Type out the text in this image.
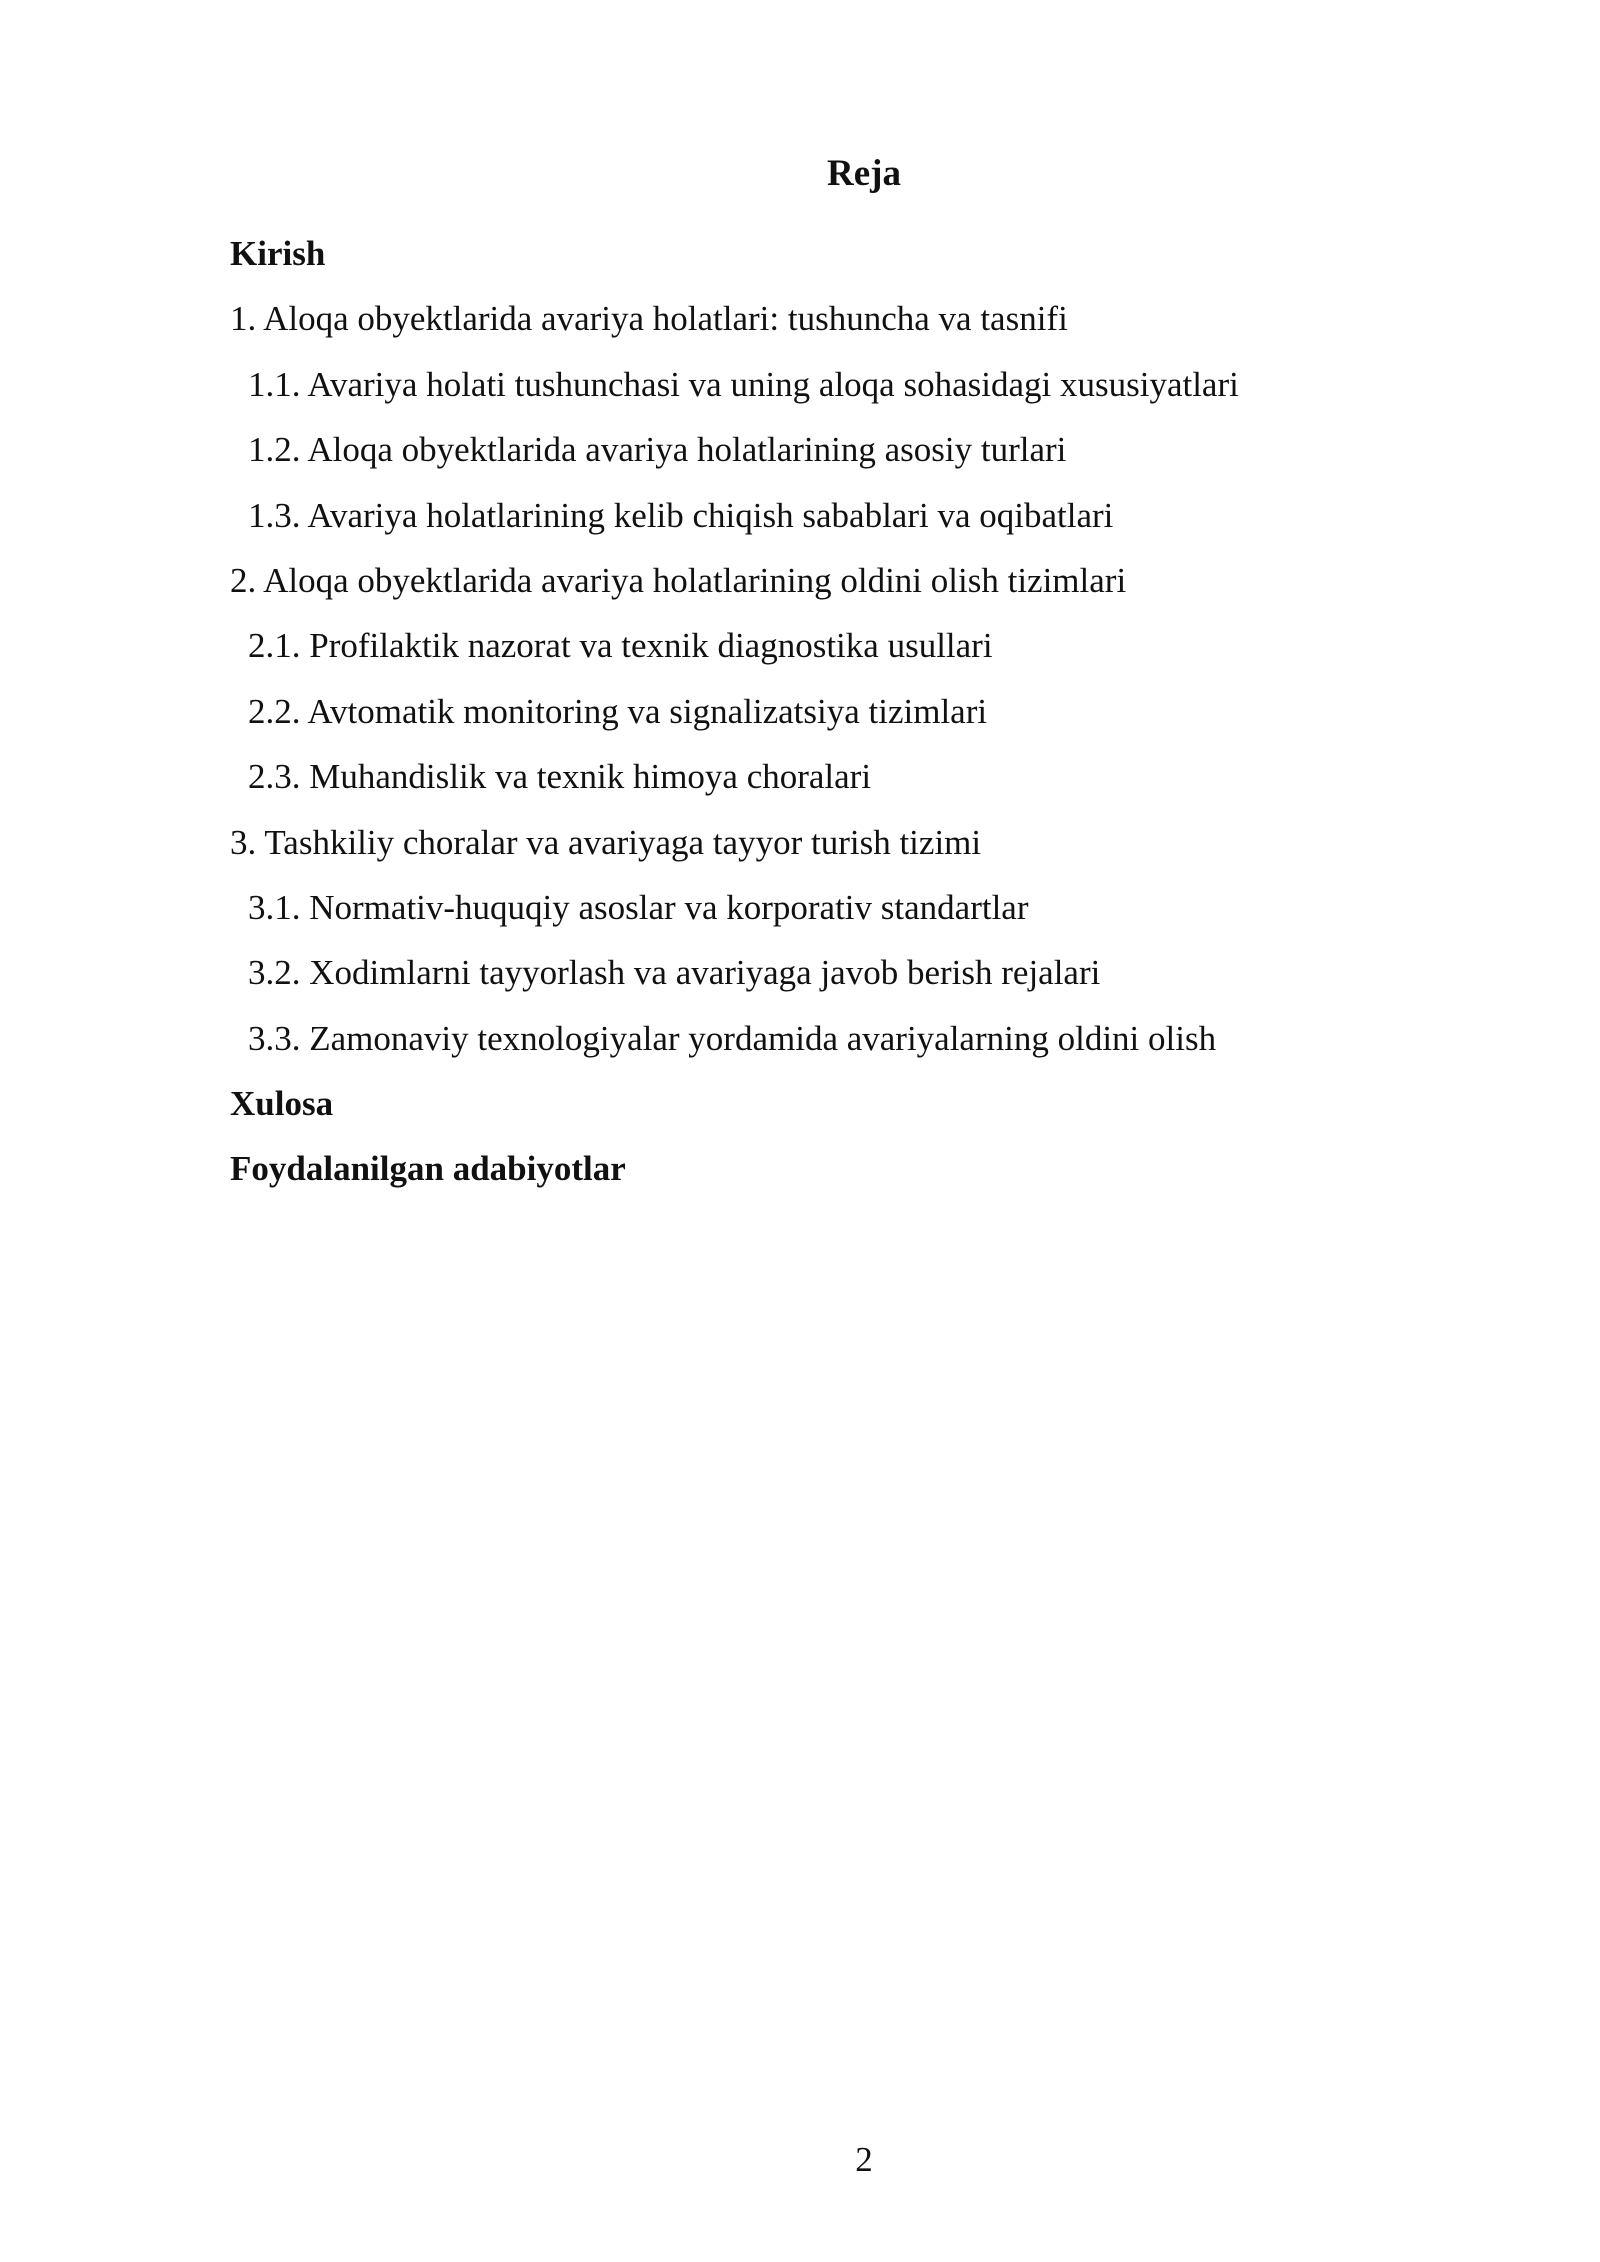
Reja
Kirish
1. Aloqa obyektlarida avariya holatlari: tushuncha va tasnifi
1.1. Avariya holati tushunchasi va uning aloqa sohasidagi xususiyatlari
1.2. Aloqa obyektlarida avariya holatlarining asosiy turlari
1.3. Avariya holatlarining kelib chiqish sabablari va oqibatlari
2. Aloqa obyektlarida avariya holatlarining oldini olish tizimlari
2.1. Profilaktik nazorat va texnik diagnostika usullari
2.2. Avtomatik monitoring va signalizatsiya tizimlari
2.3. Muhandislik va texnik himoya choralari
3. Tashkiliy choralar va avariyaga tayyor turish tizimi
3.1. Normativ-huquqiy asoslar va korporativ standartlar
3.2. Xodimlarni tayyorlash va avariyaga javob berish rejalari
3.3. Zamonaviy texnologiyalar yordamida avariyalarning oldini olish
Xulosa
Foydalanilgan adabiyotlar
2
